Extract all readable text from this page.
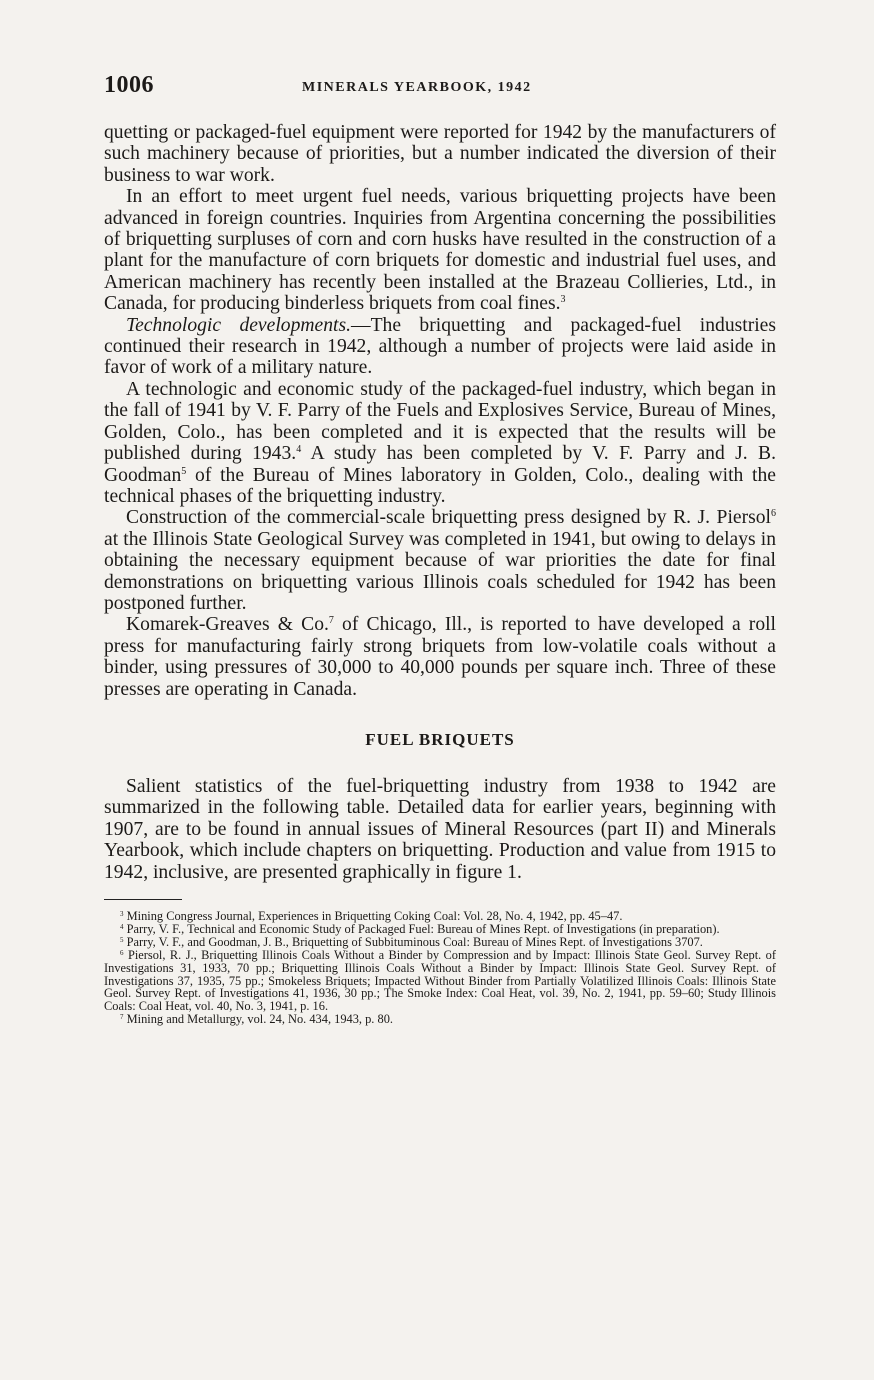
1006	MINERALS YEARBOOK, 1942

quetting or packaged-fuel equipment were reported for 1942 by the manufacturers of such machinery because of priorities, but a number indicated the diversion of their business to war work.

In an effort to meet urgent fuel needs, various briquetting projects have been advanced in foreign countries. Inquiries from Argentina concerning the possibilities of briquetting surpluses of corn and corn husks have resulted in the construction of a plant for the manufacture of corn briquets for domestic and industrial fuel uses, and American machinery has recently been installed at the Brazeau Collieries, Ltd., in Canada, for producing binderless briquets from coal fines.$^3$

Technologic developments.—The briquetting and packaged-fuel industries continued their research in 1942, although a number of projects were laid aside in favor of work of a military nature.

A technologic and economic study of the packaged-fuel industry, which began in the fall of 1941 by V. F. Parry of the Fuels and Explosives Service, Bureau of Mines, Golden, Colo., has been completed and it is expected that the results will be published during 1943.$^4$ A study has been completed by V. F. Parry and J. B. Goodman$^5$ of the Bureau of Mines laboratory in Golden, Colo., dealing with the technical phases of the briquetting industry.

Construction of the commercial-scale briquetting press designed by R. J. Piersol$^6$ at the Illinois State Geological Survey was completed in 1941, but owing to delays in obtaining the necessary equipment because of war priorities the date for final demonstrations on briquetting various Illinois coals scheduled for 1942 has been postponed further.

Komarek-Greaves & Co.$^7$ of Chicago, Ill., is reported to have developed a roll press for manufacturing fairly strong briquets from low-volatile coals without a binder, using pressures of 30,000 to 40,000 pounds per square inch. Three of these presses are operating in Canada.

FUEL BRIQUETS

Salient statistics of the fuel-briquetting industry from 1938 to 1942 are summarized in the following table. Detailed data for earlier years, beginning with 1907, are to be found in annual issues of Mineral Resources (part II) and Minerals Yearbook, which include chapters on briquetting. Production and value from 1915 to 1942, inclusive, are presented graphically in figure 1.

$^3$ Mining Congress Journal, Experiences in Briquetting Coking Coal: Vol. 28, No. 4, 1942, pp. 45–47.

$^4$ Parry, V. F., Technical and Economic Study of Packaged Fuel: Bureau of Mines Rept. of Investigations (in preparation).

$^5$ Parry, V. F., and Goodman, J. B., Briquetting of Subbituminous Coal: Bureau of Mines Rept. of Investigations 3707.

$^6$ Piersol, R. J., Briquetting Illinois Coals Without a Binder by Compression and by Impact: Illinois State Geol. Survey Rept. of Investigations 31, 1933, 70 pp.; Briquetting Illinois Coals Without a Binder by Impact: Illinois State Geol. Survey Rept. of Investigations 37, 1935, 75 pp.; Smokeless Briquets; Impacted Without Binder from Partially Volatilized Illinois Coals: Illinois State Geol. Survey Rept. of Investigations 41, 1936, 30 pp.; The Smoke Index: Coal Heat, vol. 39, No. 2, 1941, pp. 59–60; Study Illinois Coals: Coal Heat, vol. 40, No. 3, 1941, p. 16.

$^7$ Mining and Metallurgy, vol. 24, No. 434, 1943, p. 80.
